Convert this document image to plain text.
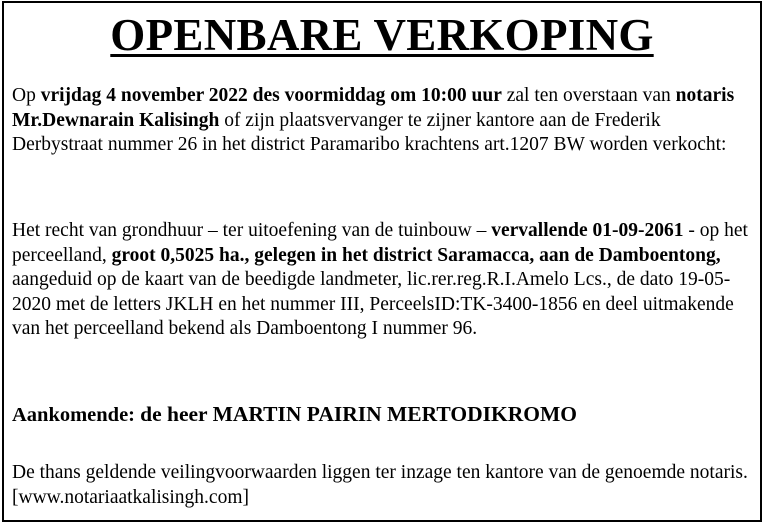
OPENBARE VERKOPING
Op vrijdag 4 november 2022 des voormiddag om 10:00 uur zal ten overstaan van notaris Mr.Dewnarain Kalisingh of zijn plaatsvervanger te zijner kantore aan de Frederik Derbystraat nummer 26 in het district Paramaribo krachtens art.1207 BW worden verkocht:
Het recht van grondhuur – ter uitoefening van de tuinbouw – vervallende 01-09-2061 - op het perceelland, groot 0,5025 ha., gelegen in het district Saramacca, aan de Damboentong, aangeduid op de kaart van de beedigde landmeter, lic.rer.reg.R.I.Amelo Lcs., de dato 19-05-2020 met de letters JKLH en het nummer III, PerceelsID:TK-3400-1856 en deel uitmakende van het perceelland bekend als Damboentong I nummer 96.
Aankomende: de heer MARTIN PAIRIN MERTODIKROMO
De thans geldende veilingvoorwaarden liggen ter inzage ten kantore van de genoemde notaris. [www.notariaatkalisingh.com]
